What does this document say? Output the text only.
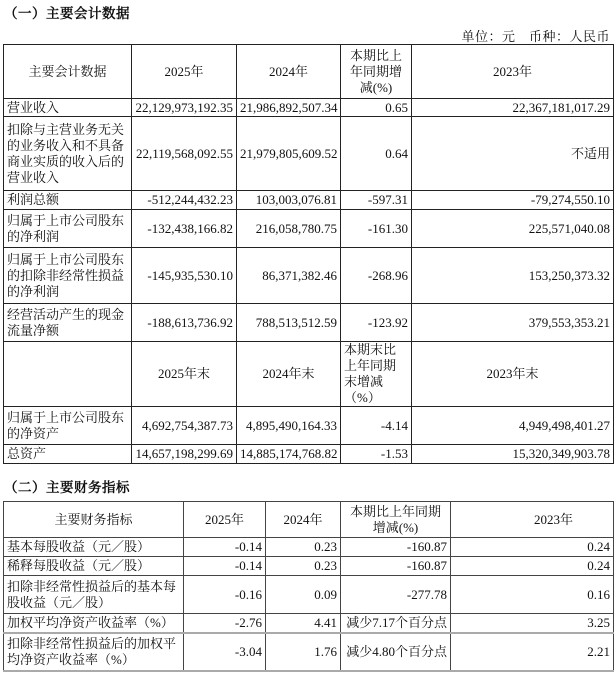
（一）主要会计数据
单位：元　币种：人民币
主要会计数据	2025年	2024年	本期比上年同期增减(%)	2023年
营业收入	22,129,973,192.35	21,986,892,507.34	0.65	22,367,181,017.29
扣除与主营业务无关的业务收入和不具备商业实质的收入后的营业收入	22,119,568,092.55	21,979,805,609.52	0.64	不适用
利润总额	-512,244,432.23	103,003,076.81	-597.31	-79,274,550.10
归属于上市公司股东的净利润	-132,438,166.82	216,058,780.75	-161.30	225,571,040.08
归属于上市公司股东的扣除非经常性损益的净利润	-145,935,530.10	86,371,382.46	-268.96	153,250,373.32
经营活动产生的现金流量净额	-188,613,736.92	788,513,512.59	-123.92	379,553,353.21
	2025年末	2024年末	本期末比上年同期末增减（%）	2023年末
归属于上市公司股东的净资产	4,692,754,387.73	4,895,490,164.33	-4.14	4,949,498,401.27
总资产	14,657,198,299.69	14,885,174,768.82	-1.53	15,320,349,903.78
（二）主要财务指标
主要财务指标	2025年	2024年	本期比上年同期增减(%)	2023年
基本每股收益（元／股）	-0.14	0.23	-160.87	0.24
稀释每股收益（元／股）	-0.14	0.23	-160.87	0.24
扣除非经常性损益后的基本每股收益（元／股）	-0.16	0.09	-277.78	0.16
加权平均净资产收益率（%）	-2.76	4.41	减少7.17个百分点	3.25
扣除非经常性损益后的加权平均净资产收益率（%）	-3.04	1.76	减少4.80个百分点	2.21
